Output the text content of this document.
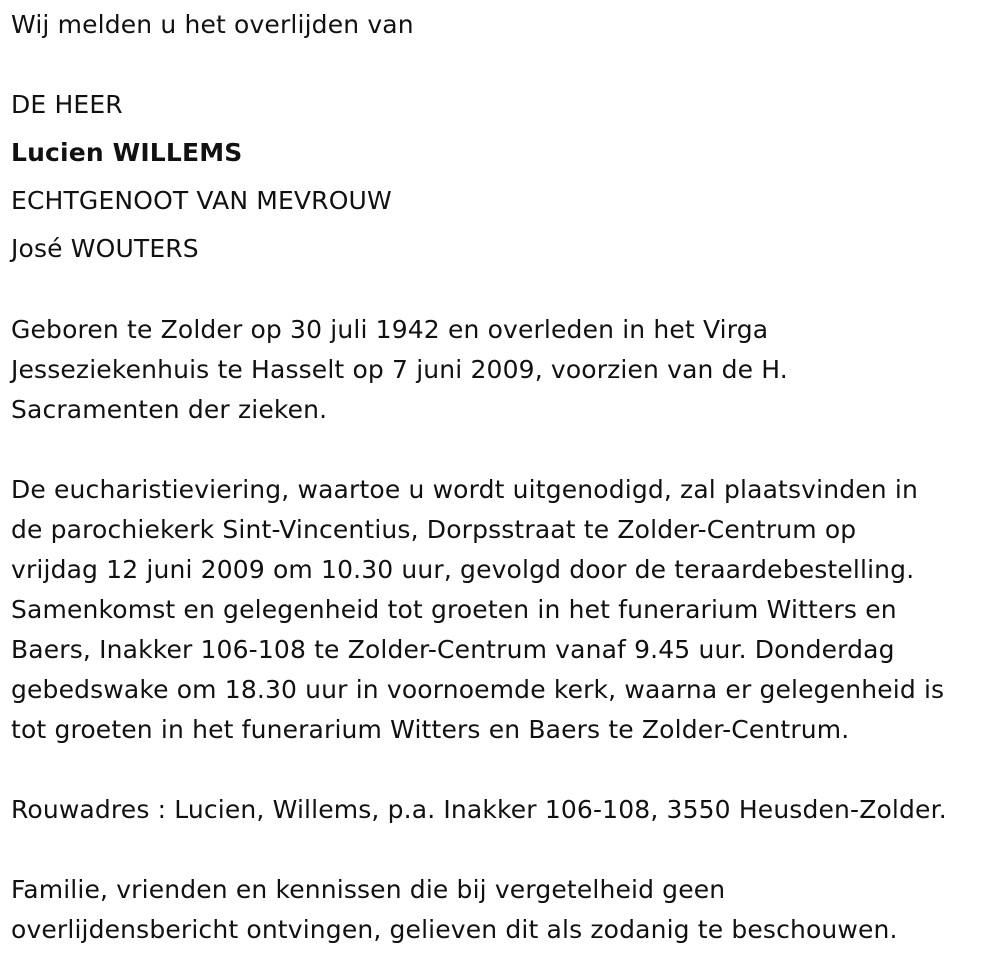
Wij melden u het overlijden van
DE HEER
Lucien WILLEMS
ECHTGENOOT VAN MEVROUW
José WOUTERS
Geboren te Zolder op 30 juli 1942 en overleden in het Virga
Jesseziekenhuis te Hasselt op 7 juni 2009, voorzien van de H.
Sacramenten der zieken.
De eucharistieviering, waartoe u wordt uitgenodigd, zal plaatsvinden in
de parochiekerk Sint-Vincentius, Dorpsstraat te Zolder-Centrum op
vrijdag 12 juni 2009 om 10.30 uur, gevolgd door de teraardebestelling.
Samenkomst en gelegenheid tot groeten in het funerarium Witters en
Baers, Inakker 106-108 te Zolder-Centrum vanaf 9.45 uur. Donderdag
gebedswake om 18.30 uur in voornoemde kerk, waarna er gelegenheid is
tot groeten in het funerarium Witters en Baers te Zolder-Centrum.
Rouwadres : Lucien, Willems, p.a. Inakker 106-108, 3550 Heusden-Zolder.
Familie, vrienden en kennissen die bij vergetelheid geen
overlijdensbericht ontvingen, gelieven dit als zodanig te beschouwen.
